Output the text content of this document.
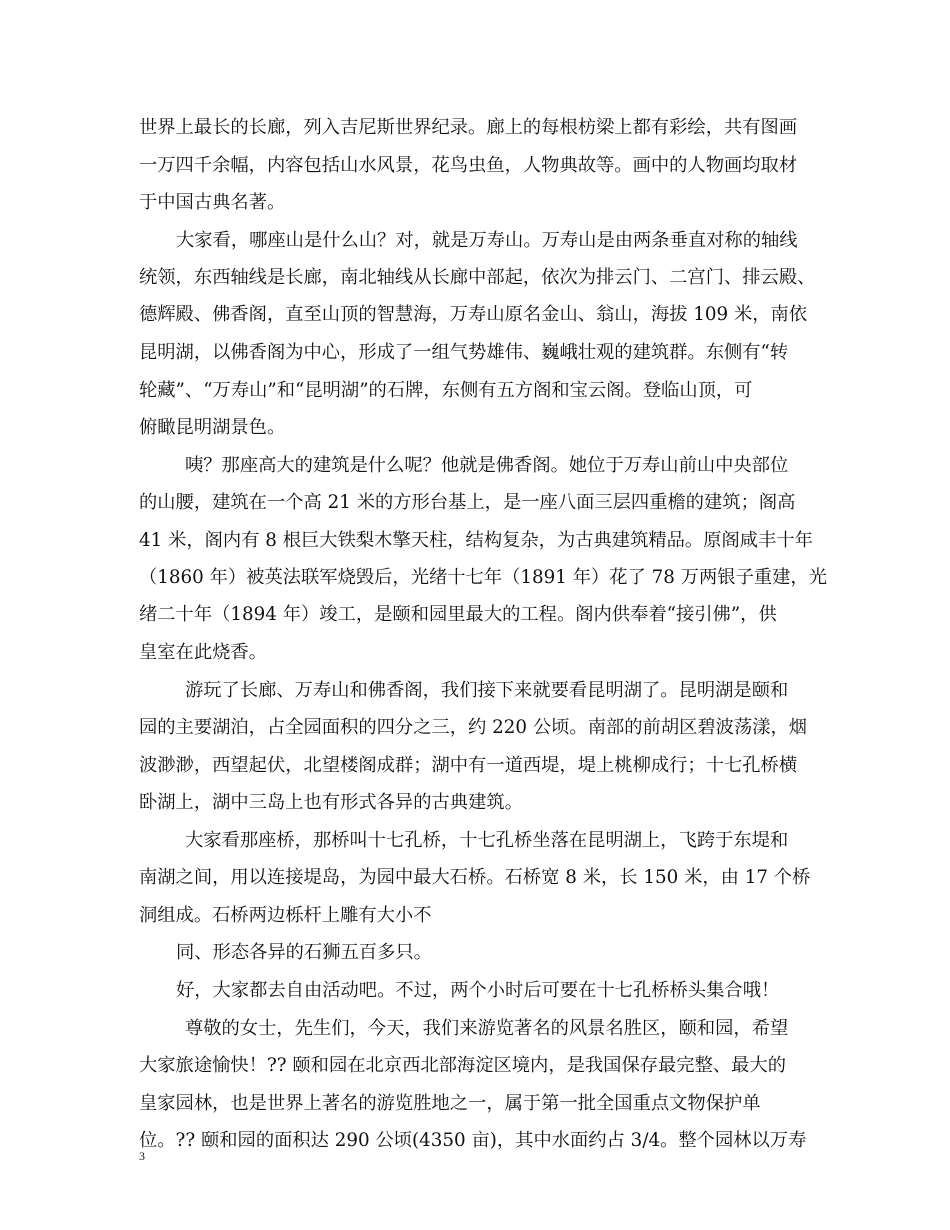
世界上最长的长廊，列入吉尼斯世界纪录。廊上的每根枋梁上都有彩绘，共有图画

一万四千余幅，内容包括山水风景，花鸟虫鱼，人物典故等。画中的人物画均取材

于中国古典名著。

大家看，哪座山是什么山？对，就是万寿山。万寿山是由两条垂直对称的轴线

统领，东西轴线是长廊，南北轴线从长廊中部起，依次为排云门、二宫门、排云殿、

德辉殿、佛香阁，直至山顶的智慧海，万寿山原名金山、翁山，海拔 109 米，南依

昆明湖，以佛香阁为中心，形成了一组气势雄伟、巍峨壮观的建筑群。东侧有“转

轮藏”、“万寿山”和“昆明湖”的石牌，东侧有五方阁和宝云阁。登临山顶，可

俯瞰昆明湖景色。

咦？那座高大的建筑是什么呢？他就是佛香阁。她位于万寿山前山中央部位

的山腰，建筑在一个高 21 米的方形台基上，是一座八面三层四重檐的建筑；阁高

41 米，阁内有 8 根巨大铁梨木擎天柱，结构复杂，为古典建筑精品。原阁咸丰十年

（1860 年）被英法联军烧毁后，光绪十七年（1891 年）花了 78 万两银子重建，光

绪二十年（1894 年）竣工，是颐和园里最大的工程。阁内供奉着“接引佛”，供

皇室在此烧香。

游玩了长廊、万寿山和佛香阁，我们接下来就要看昆明湖了。昆明湖是颐和

园的主要湖泊，占全园面积的四分之三，约 220 公顷。南部的前胡区碧波荡漾，烟

波渺渺，西望起伏，北望楼阁成群；湖中有一道西堤，堤上桃柳成行；十七孔桥横

卧湖上，湖中三岛上也有形式各异的古典建筑。

大家看那座桥，那桥叫十七孔桥，十七孔桥坐落在昆明湖上，飞跨于东堤和

南湖之间，用以连接堤岛，为园中最大石桥。石桥宽 8 米，长 150 米，由 17 个桥

洞组成。石桥两边栎杆上雕有大小不

同、形态各异的石狮五百多只。

好，大家都去自由活动吧。不过，两个小时后可要在十七孔桥桥头集合哦！

尊敬的女士，先生们，今天，我们来游览著名的风景名胜区，颐和园，希望

大家旅途愉快！?? 颐和园在北京西北部海淀区境内，是我国保存最完整、最大的

皇家园林，也是世界上著名的游览胜地之一，属于第一批全国重点文物保护单

位。?? 颐和园的面积达 290 公顷(4350 亩)，其中水面约占 3/4。整个园林以万寿

3
